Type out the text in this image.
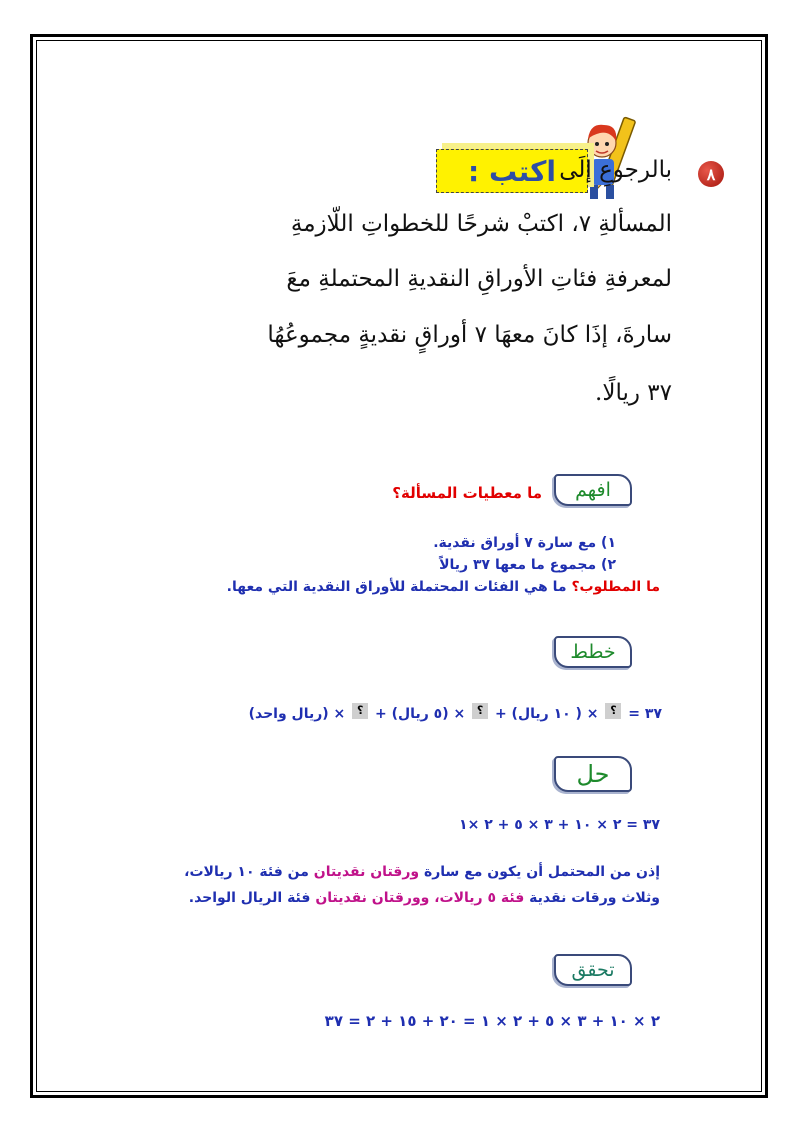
٨
اكتب : بالرجوعِ إلَى
المسألةِ ٧، اكتبْ شرحًا للخطواتِ اللّازمةِ
لمعرفةِ فئاتِ الأوراقِ النقديةِ المحتملةِ معَ
سارةَ، إذَا كانَ معهَا ٧ أوراقٍ نقديةٍ مجموعُهُا
٣٧ ريالًا.
افهم
ما معطيات المسألة؟
١) مع سارة ٧ أوراق نقدية.
٢) مجموع ما معها ٣٧ ريالاً
ما المطلوب؟ ما هي الفئات المحتملة للأوراق النقدية التي معها.
خطط
٣٧ = ؟ × ( ١٠ ريال) + ؟ × (٥ ريال) + ؟ × (ريال واحد)
حل
٣٧ = ٢ × ١٠ + ٣ × ٥ + ٢ ×١
إذن من المحتمل أن يكون مع سارة ورقتان نقديتان من فئة ١٠ ريالات،
وثلاث ورقات نقدية فئة ٥ ريالات، وورقتان نقديتان فئة الريال الواحد.
تحقق
٢ × ١٠ + ٣ × ٥ + ٢ × ١ = ٢٠ + ١٥ + ٢ = ٣٧
